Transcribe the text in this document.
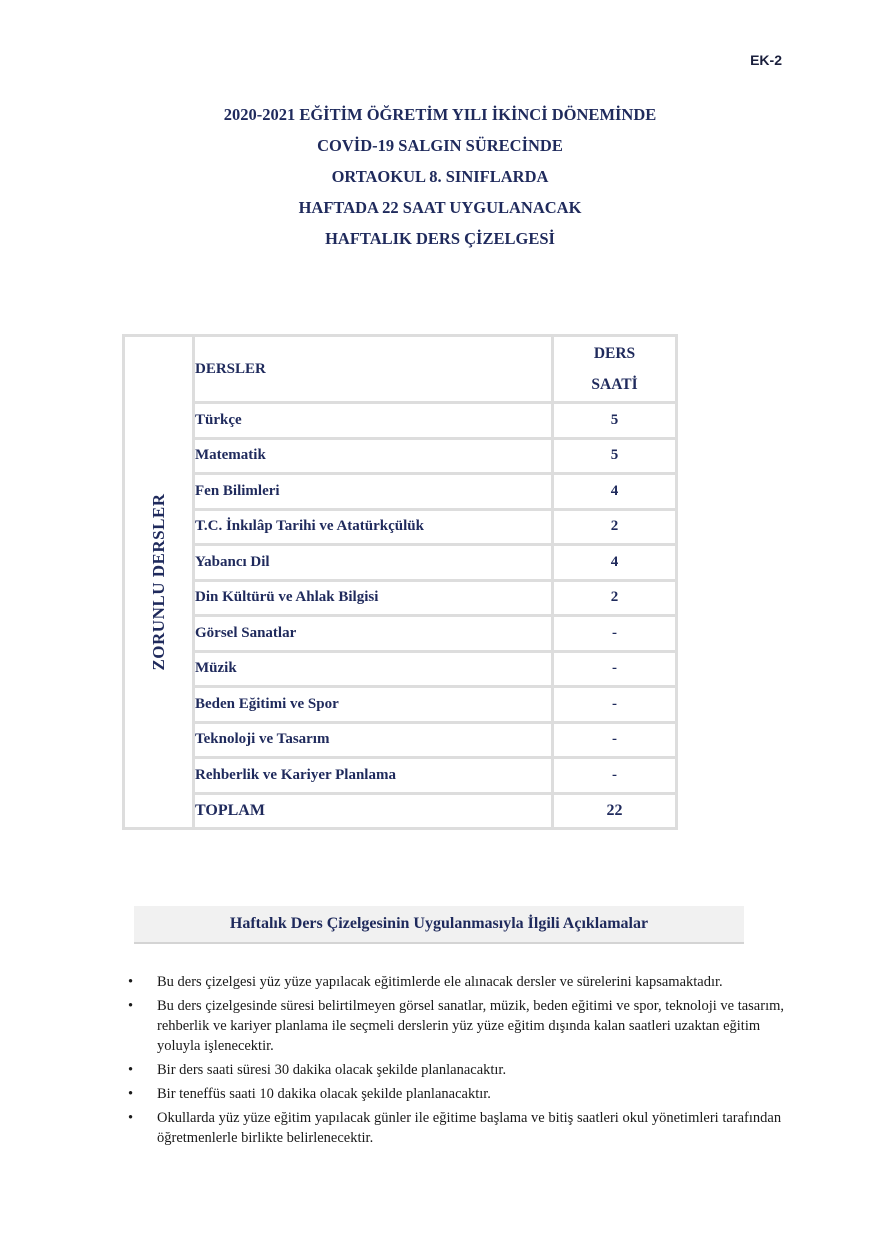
EK-2
2020-2021 EĞİTİM ÖĞRETİM YILI İKİNCİ DÖNEMİNDE
COVİD-19 SALGIN SÜRECİNDE
ORTAOKUL 8. SINIFLARDA
HAFTADA 22 SAAT UYGULANACAK
HAFTALIK DERS ÇİZELGESİ
ZORUNLU DERSLER	DERSLER	DERS
SAATİ

	Türkçe	5
	Matematik	5
	Fen Bilimleri	4
	T.C. İnkılâp Tarihi ve Atatürkçülük	2
	Yabancı Dil	4
	Din Kültürü ve Ahlak Bilgisi	2
	Görsel Sanatlar	-
	Müzik	-
	Beden Eğitimi ve Spor	-
	Teknoloji ve Tasarım	-
	Rehberlik ve Kariyer Planlama	-
	TOPLAM	22
Haftalık Ders Çizelgesinin Uygulanmasıyla İlgili Açıklamalar
• Bu ders çizelgesi yüz yüze yapılacak eğitimlerde ele alınacak dersler ve sürelerini kapsamaktadır.
• Bu ders çizelgesinde süresi belirtilmeyen görsel sanatlar, müzik, beden eğitimi ve spor, teknoloji ve tasarım, rehberlik ve kariyer planlama ile seçmeli derslerin yüz yüze eğitim dışında kalan saatleri uzaktan eğitim yoluyla işlenecektir.
• Bir ders saati süresi 30 dakika olacak şekilde planlanacaktır.
• Bir teneffüs saati 10 dakika olacak şekilde planlanacaktır.
• Okullarda yüz yüze eğitim yapılacak günler ile eğitime başlama ve bitiş saatleri okul yönetimleri tarafından öğretmenlerle birlikte belirlenecektir.
